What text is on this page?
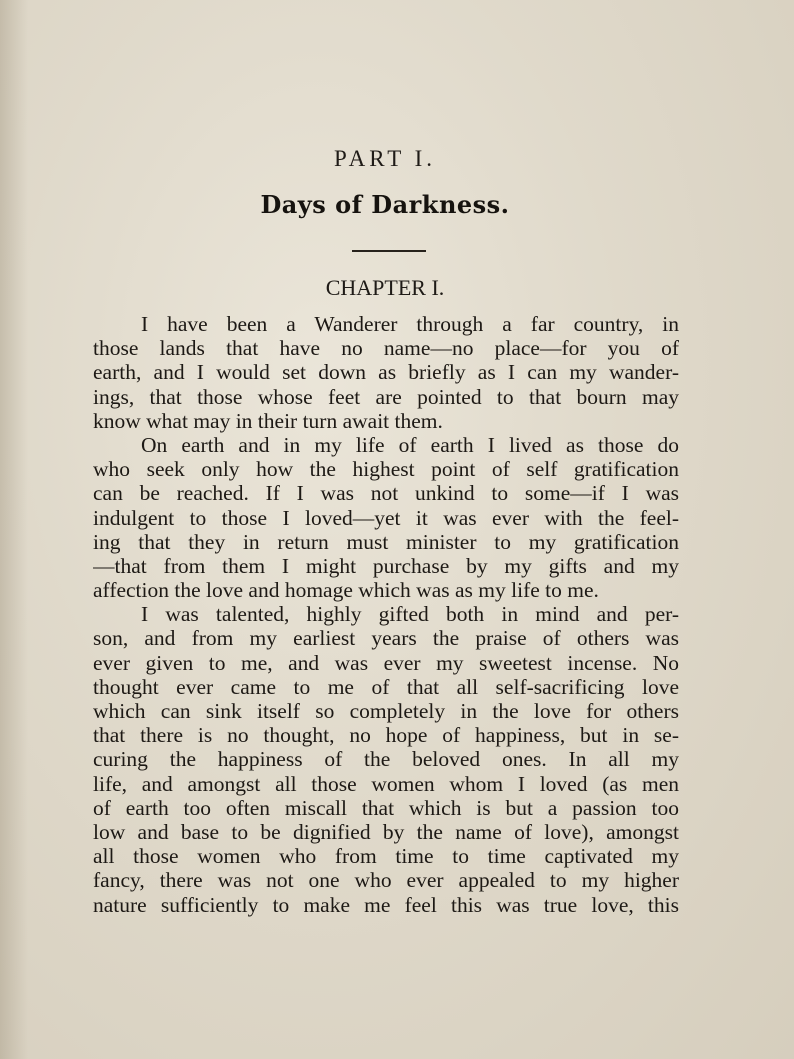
PART I.
Days of Darkness.
CHAPTER I.
I have been a Wanderer through a far country, in
those lands that have no name—no place—for you of
earth, and I would set down as briefly as I can my wander-
ings, that those whose feet are pointed to that bourn may
know what may in their turn await them.
On earth and in my life of earth I lived as those do
who seek only how the highest point of self gratification
can be reached. If I was not unkind to some—if I was
indulgent to those I loved—yet it was ever with the feel-
ing that they in return must minister to my gratification
—that from them I might purchase by my gifts and my
affection the love and homage which was as my life to me.
I was talented, highly gifted both in mind and per-
son, and from my earliest years the praise of others was
ever given to me, and was ever my sweetest incense. No
thought ever came to me of that all self-sacrificing love
which can sink itself so completely in the love for others
that there is no thought, no hope of happiness, but in se-
curing the happiness of the beloved ones. In all my
life, and amongst all those women whom I loved (as men
of earth too often miscall that which is but a passion too
low and base to be dignified by the name of love), amongst
all those women who from time to time captivated my
fancy, there was not one who ever appealed to my higher
nature sufficiently to make me feel this was true love, this
